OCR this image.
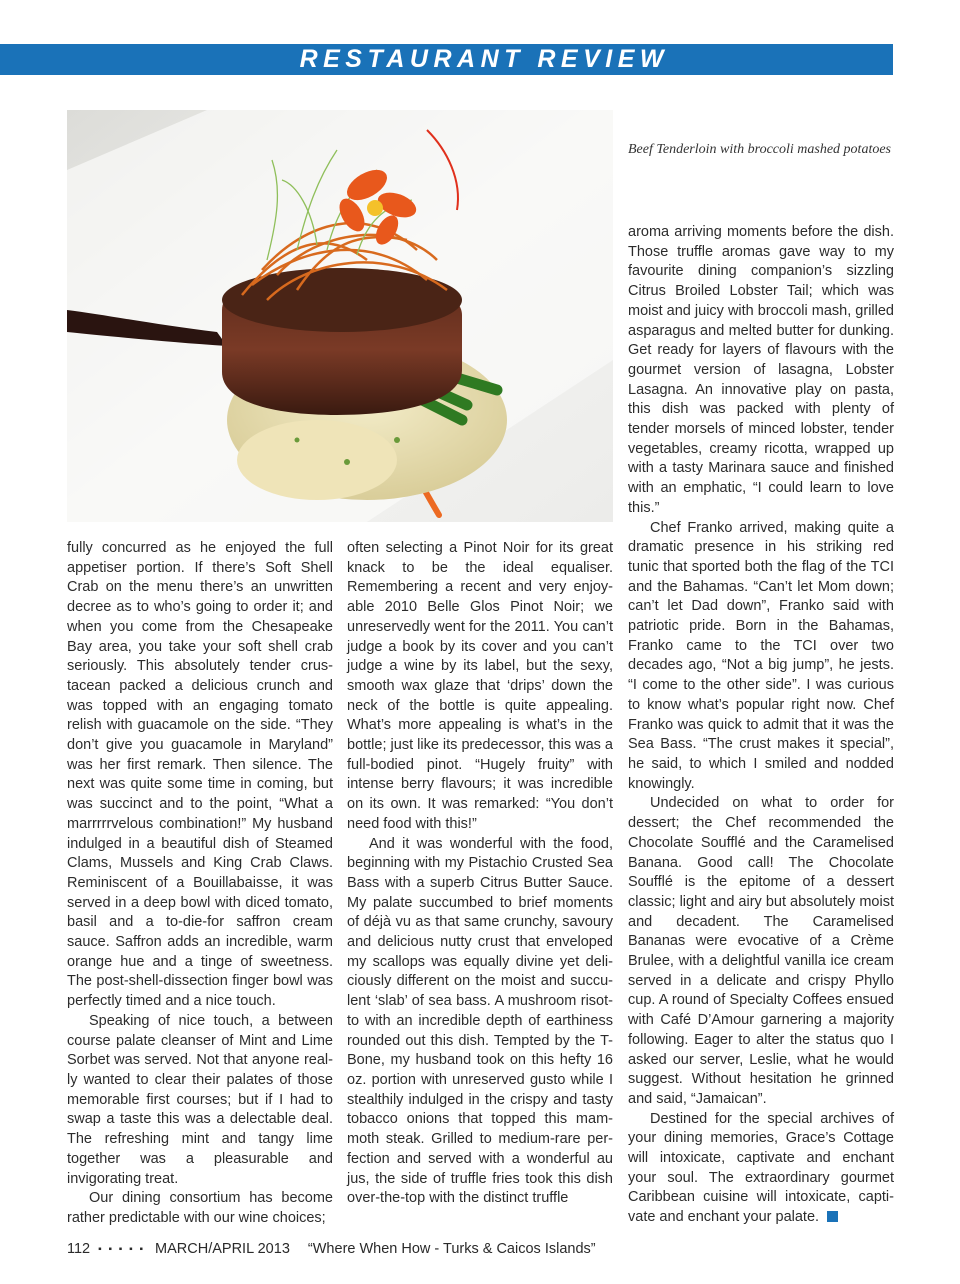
RESTAURANT REVIEW
Beef Tenderloin with broccoli mashed potatoes

fully concurred as he enjoyed the full appetiser portion. If there’s Soft Shell Crab on the menu there’s an unwritten decree as to who’s going to order it; and when you come from the Chesapeake Bay area, you take your soft shell crab seriously. This absolutely tender crustacean packed a delicious crunch and was topped with an engaging tomato relish with guacamole on the side. “They don’t give you guacamole in Maryland” was her first remark. Then silence. The next was quite some time in coming, but was succinct and to the point, “What a marrrrrvelous combination!” My husband indulged in a beautiful dish of Steamed Clams, Mussels and King Crab Claws. Reminiscent of a Bouillabaisse, it was served in a deep bowl with diced tomato, basil and a to-die-for saffron cream sauce. Saffron adds an incredible, warm orange hue and a tinge of sweetness. The post-shell-dissection finger bowl was perfectly timed and a nice touch.

Speaking of nice touch, a between course palate cleanser of Mint and Lime Sorbet was served. Not that anyone really wanted to clear their palates of those memorable first courses; but if I had to swap a taste this was a delectable deal. The refreshing mint and tangy lime together was a pleasurable and invigorating treat.

Our dining consortium has become rather predictable with our wine choices;

often selecting a Pinot Noir for its great knack to be the ideal equaliser. Remembering a recent and very enjoyable 2010 Belle Glos Pinot Noir; we unreservedly went for the 2011. You can’t judge a book by its cover and you can’t judge a wine by its label, but the sexy, smooth wax glaze that ‘drips’ down the neck of the bottle is quite appealing. What’s more appealing is what’s in the bottle; just like its predecessor, this was a full-bodied pinot. “Hugely fruity” with intense berry flavours; it was incredible on its own. It was remarked: “You don’t need food with this!”

And it was wonderful with the food, beginning with my Pistachio Crusted Sea Bass with a superb Citrus Butter Sauce. My palate succumbed to brief moments of déjà vu as that same crunchy, savoury and delicious nutty crust that enveloped my scallops was equally divine yet deliciously different on the moist and succulent ‘slab’ of sea bass. A mushroom risotto with an incredible depth of earthiness rounded out this dish. Tempted by the T-Bone, my husband took on this hefty 16 oz. portion with unreserved gusto while I stealthily indulged in the crispy and tasty tobacco onions that topped this mammoth steak. Grilled to medium-rare perfection and served with a wonderful au jus, the side of truffle fries took this dish over-the-top with the distinct truffle

aroma arriving moments before the dish. Those truffle aromas gave way to my favourite dining companion’s sizzling Citrus Broiled Lobster Tail; which was moist and juicy with broccoli mash, grilled asparagus and melted butter for dunking. Get ready for layers of flavours with the gourmet version of lasagna, Lobster Lasagna. An innovative play on pasta, this dish was packed with plenty of tender morsels of minced lobster, tender vegetables, creamy ricotta, wrapped up with a tasty Marinara sauce and finished with an emphatic, “I could learn to love this.”

Chef Franko arrived, making quite a dramatic presence in his striking red tunic that sported both the flag of the TCI and the Bahamas. “Can’t let Mom down; can’t let Dad down”, Franko said with patriotic pride. Born in the Bahamas, Franko came to the TCI over two decades ago, “Not a big jump”, he jests. “I come to the other side”. I was curious to know what’s popular right now. Chef Franko was quick to admit that it was the Sea Bass. “The crust makes it special”, he said, to which I smiled and nodded knowingly.

Undecided on what to order for dessert; the Chef recommended the Chocolate Soufflé and the Caramelised Banana. Good call! The Chocolate Soufflé is the epitome of a dessert classic; light and airy but absolutely moist and decadent. The Caramelised Bananas were evocative of a Crème Brulee, with a delightful vanilla ice cream served in a delicate and crispy Phyllo cup. A round of Specialty Coffees ensued with Café D’Amour garnering a majority following. Eager to alter the status quo I asked our server, Leslie, what he would suggest. Without hesitation he grinned and said, “Jamaican”.

Destined for the special archives of your dining memories, Grace’s Cottage will intoxicate, captivate and enchant your soul. The extraordinary gourmet Caribbean cuisine will intoxicate, captivate and enchant your palate.

112 ▪ ▪ ▪ ▪ ▪ MARCH/APRIL 2013 “Where When How - Turks & Caicos Islands”
